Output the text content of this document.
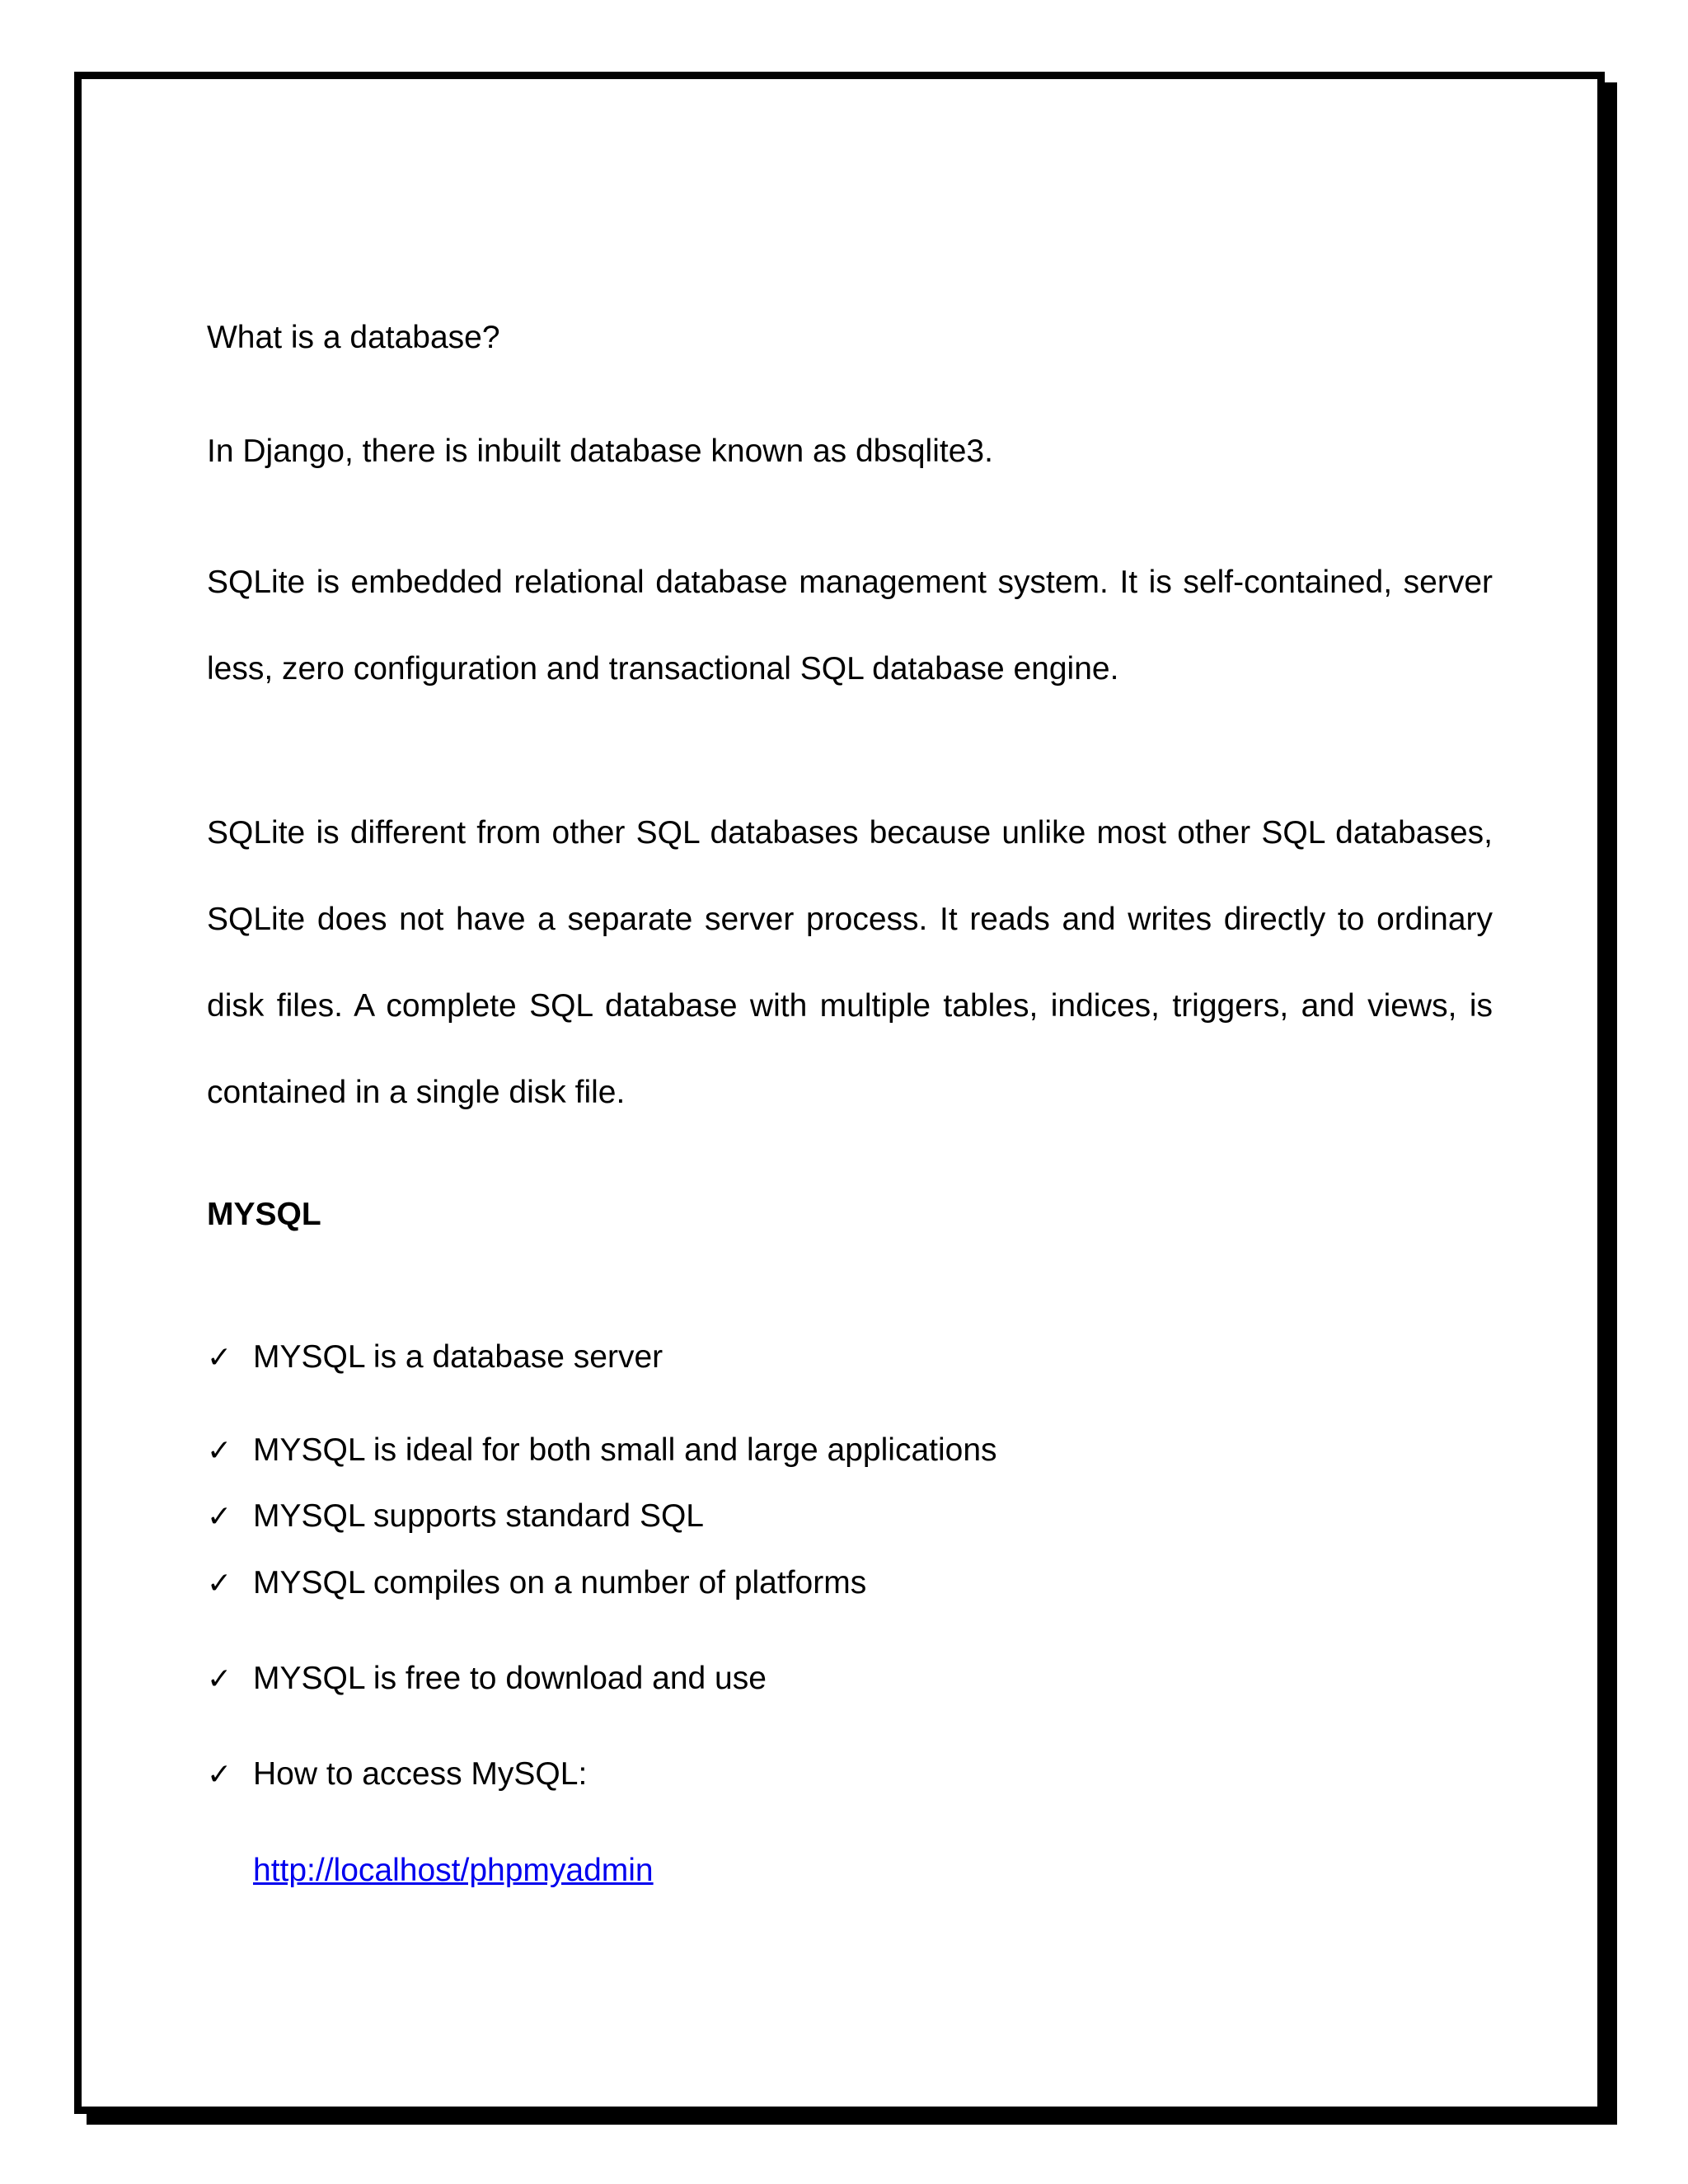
What is a database?

In Django, there is inbuilt database known as dbsqlite3.

SQLite is embedded relational database management system. It is self-contained, server less, zero configuration and transactional SQL database engine.

SQLite is different from other SQL databases because unlike most other SQL databases, SQLite does not have a separate server process. It reads and writes directly to ordinary disk files. A complete SQL database with multiple tables, indices, triggers, and views, is contained in a single disk file.

MYSQL

✓ MYSQL is a database server
✓ MYSQL is ideal for both small and large applications
✓ MYSQL supports standard SQL
✓ MYSQL compiles on a number of platforms
✓ MYSQL is free to download and use
✓ How to access MySQL:
http://localhost/phpmyadmin
